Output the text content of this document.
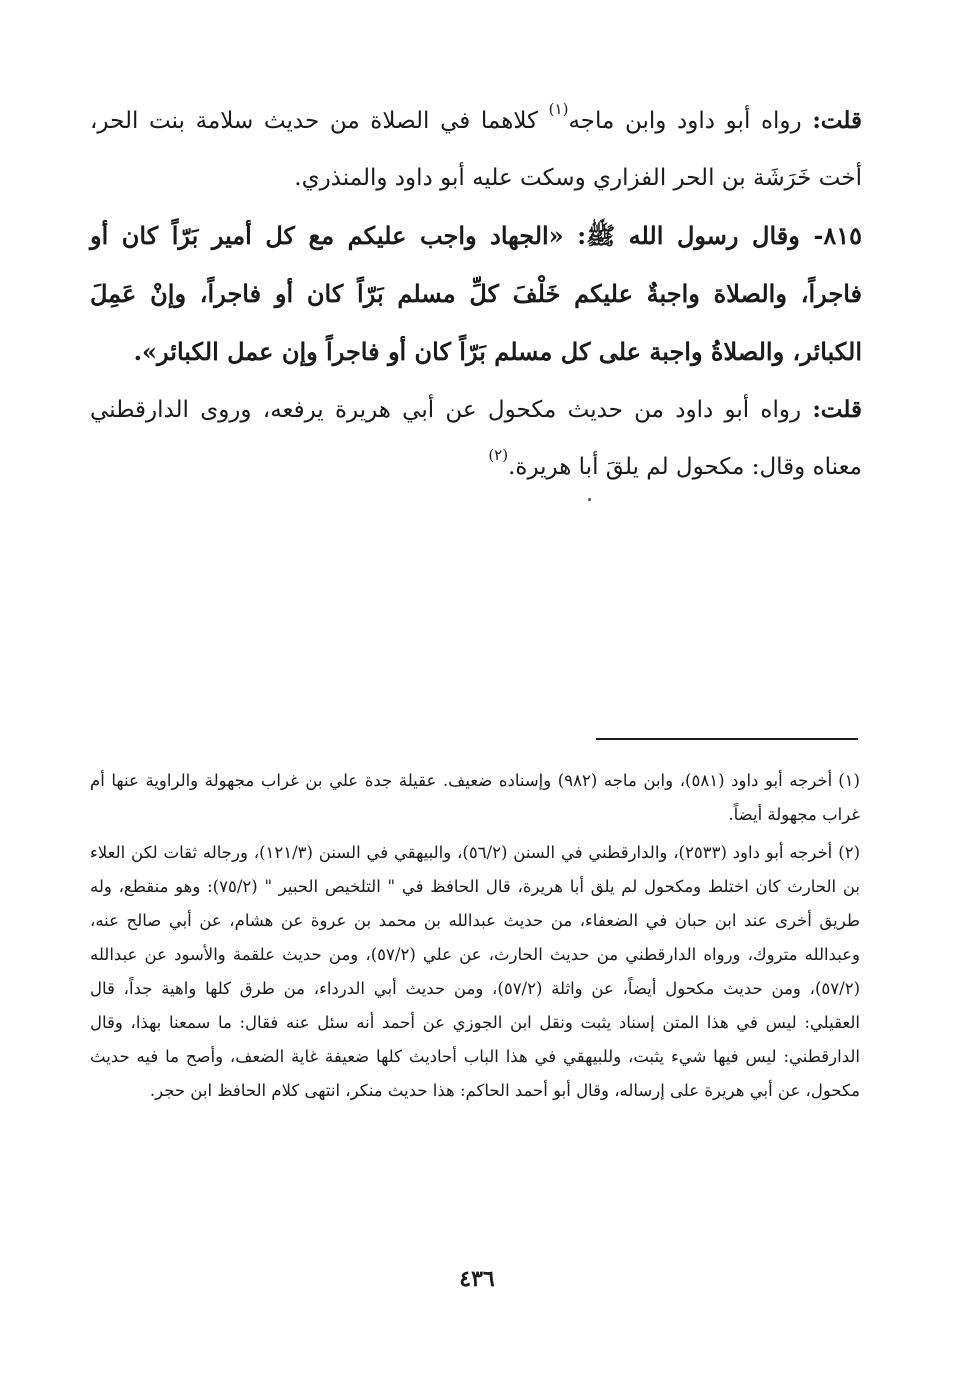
قلت: رواه أبو داود وابن ماجه$^{(١)}$ كلاهما في الصلاة من حديث سلامة بنت الحر، أخت خَرَشَة بن الحر الفزاري وسكت عليه أبو داود والمنذري.

٨١٥- وقال رسول الله ﷺ: «الجهاد واجب عليكم مع كل أمير بَرّاً كان أو فاجراً، والصلاة واجبةٌ عليكم خَلْفَ كلِّ مسلم بَرّاً كان أو فاجراً، وإنْ عَمِلَ الكبائر، والصلاةُ واجبة على كل مسلم بَرّاً كان أو فاجراً وإن عمل الكبائر».

قلت: رواه أبو داود من حديث مكحول عن أبي هريرة يرفعه، وروى الدارقطني معناه وقال: مكحول لم يلقَ أبا هريرة.$^{(٢)}$

(١)أخرجه أبو داود (٥٨١)، وابن ماجه (٩٨٢) وإسناده ضعيف. عقيلة جدة علي بن غراب مجهولة والراوية عنها أم غراب مجهولة أيضاً.

(٢)أخرجه أبو داود (٢٥٣٣)، والدارقطني في السنن (٥٦/٢)، والبيهقي في السنن (١٢١/٣)، ورجاله ثقات لكن العلاء بن الحارث كان اختلط ومكحول لم يلق أبا هريرة، قال الحافظ في " التلخيص الحبير " (٧٥/٢): وهو منقطع، وله طريق أخرى عند ابن حبان في الضعفاء، من حديث عبدالله بن محمد بن عروة عن هشام، عن أبي صالح عنه، وعبدالله متروك، ورواه الدارقطني من حديث الحارث، عن علي (٥٧/٢)، ومن حديث علقمة والأسود عن عبدالله (٥٧/٢)، ومن حديث مكحول أيضاً، عن واثلة (٥٧/٢)، ومن حديث أبي الدرداء، من طرق كلها واهية جداً، قال العقيلي: ليس في هذا المتن إسناد يثبت ونقل ابن الجوزي عن أحمد أنه سئل عنه فقال: ما سمعنا بهذا، وقال الدارقطني: ليس فيها شيء يثبت، وللبيهقي في هذا الباب أحاديث كلها ضعيفة غاية الضعف، وأصح ما فيه حديث مكحول، عن أبي هريرة على إرساله، وقال أبو أحمد الحاكم: هذا حديث منكر، انتهى كلام الحافظ ابن حجر.

٤٣٦
